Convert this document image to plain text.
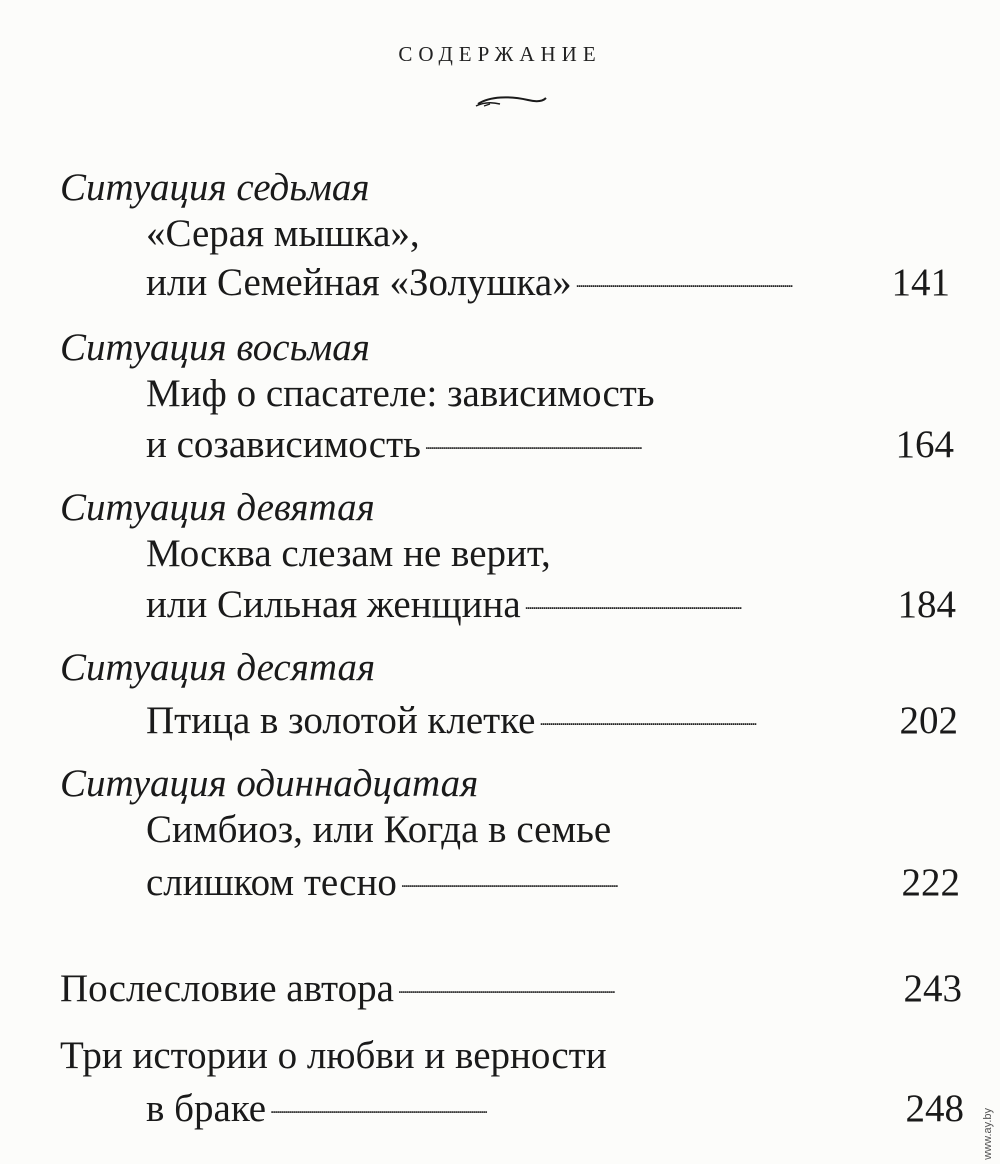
СОДЕРЖАНИЕ
Ситуация седьмая
«Серая мышка»,
или Семейная «Золушка» . . .	141
Ситуация восьмая
Миф о спасателе: зависимость
и созависимость . . .	164
Ситуация девятая
Москва слезам не верит,
или Сильная женщина . . .	184
Ситуация десятая
Птица в золотой клетке . . .	202
Ситуация одиннадцатая
Симбиоз, или Когда в семье
слишком тесно . . .	222
Послесловие автора . . .	243
Три истории о любви и верности
в браке . . .	248 www.ay.by
